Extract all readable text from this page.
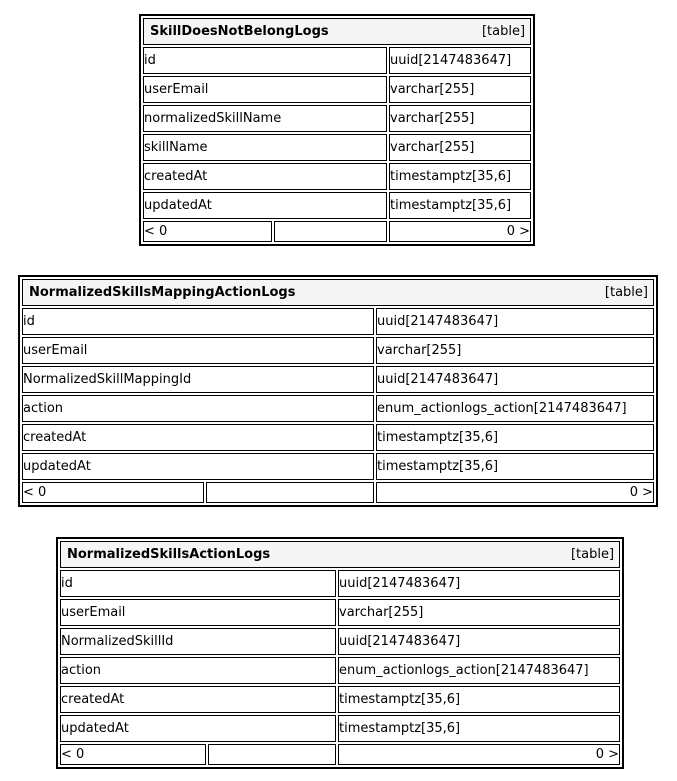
SkillDoesNotBelongLogs [table]		

id		uuid[2147483647]
userEmail		varchar[255]
normalizedSkillName		varchar[255]
skillName		varchar[255]
createdAt		timestamptz[35,6]
updatedAt		timestamptz[35,6]
< 0		0 >
NormalizedSkillsMappingActionLogs [table]		

id		uuid[2147483647]
userEmail		varchar[255]
NormalizedSkillMappingId		uuid[2147483647]
action		enum_actionlogs_action[2147483647]
createdAt		timestamptz[35,6]
updatedAt		timestamptz[35,6]
< 0		0 >
NormalizedSkillsActionLogs [table]		

id		uuid[2147483647]
userEmail		varchar[255]
NormalizedSkillId		uuid[2147483647]
action		enum_actionlogs_action[2147483647]
createdAt		timestamptz[35,6]
updatedAt		timestamptz[35,6]
< 0		0 >
